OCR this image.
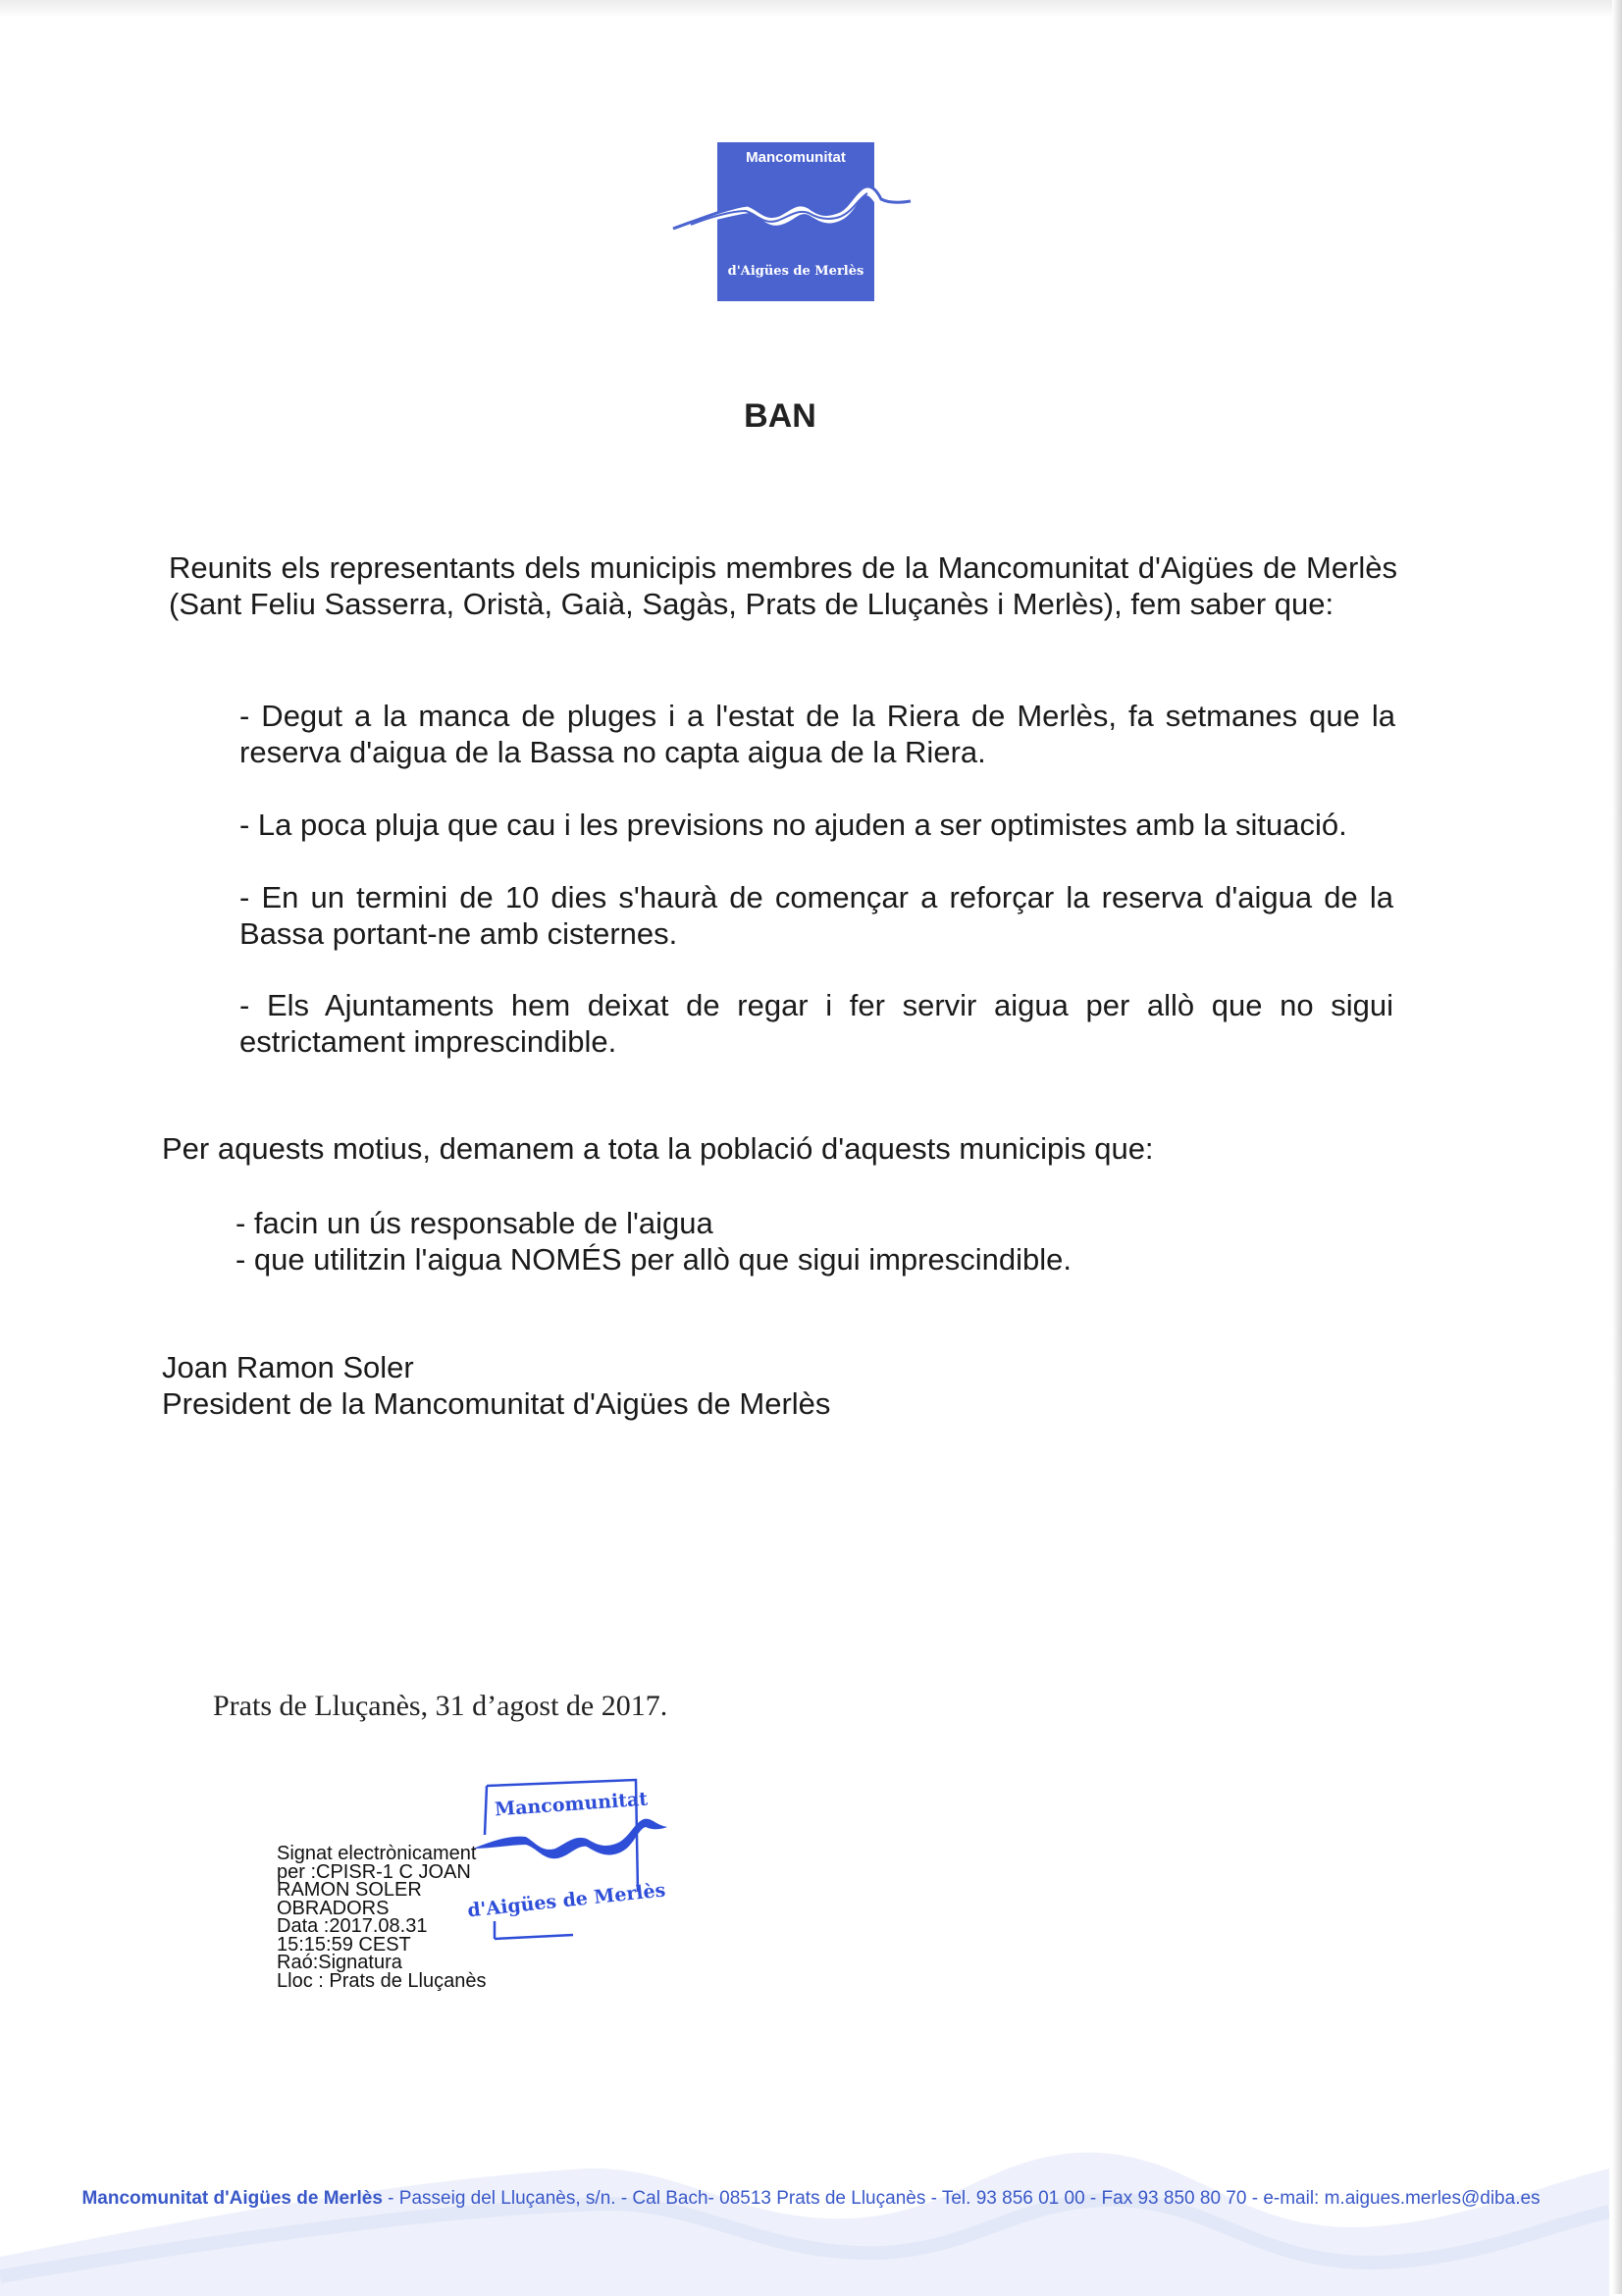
Mancomunitat
d'Aigües de Merlès
BAN

Reunits els representants dels municipis membres de la Mancomunitat d'Aigües de Merlès (Sant Feliu Sasserra, Oristà, Gaià, Sagàs, Prats de Lluçanès i Merlès), fem saber que:

- Degut a la manca de pluges i a l'estat de la Riera de Merlès, fa setmanes que la reserva d'aigua de la Bassa no capta aigua de la Riera.

- La poca pluja que cau i les previsions no ajuden a ser optimistes amb la situació.

- En un termini de 10 dies s'haurà de començar a reforçar la reserva d'aigua de la Bassa portant-ne amb cisternes.

- Els Ajuntaments hem deixat de regar i fer servir aigua per allò que no sigui estrictament imprescindible.

Per aquests motius, demanem a tota la població d'aquests municipis que:

- facin un ús responsable de l'aigua

- que utilitzin l'aigua NOMÉS per allò que sigui imprescindible.

Joan Ramon Soler

President de la Mancomunitat d'Aigües de Merlès

Prats de Lluçanès, 31 d’agost de 2017.
Mancomunitat
d'Aigües de Merlès
Signat electrònicament
per :CPISR-1 C JOAN
RAMON SOLER
OBRADORS
Data :2017.08.31
15:15:59 CEST
Raó:Signatura
Lloc : Prats de Lluçanès
Mancomunitat d'Aigües de Merlès - Passeig del Lluçanès, s/n. - Cal Bach- 08513 Prats de Lluçanès - Tel. 93 856 01 00 - Fax 93 850 80 70 - e-mail: m.aigues.merles@diba.es
